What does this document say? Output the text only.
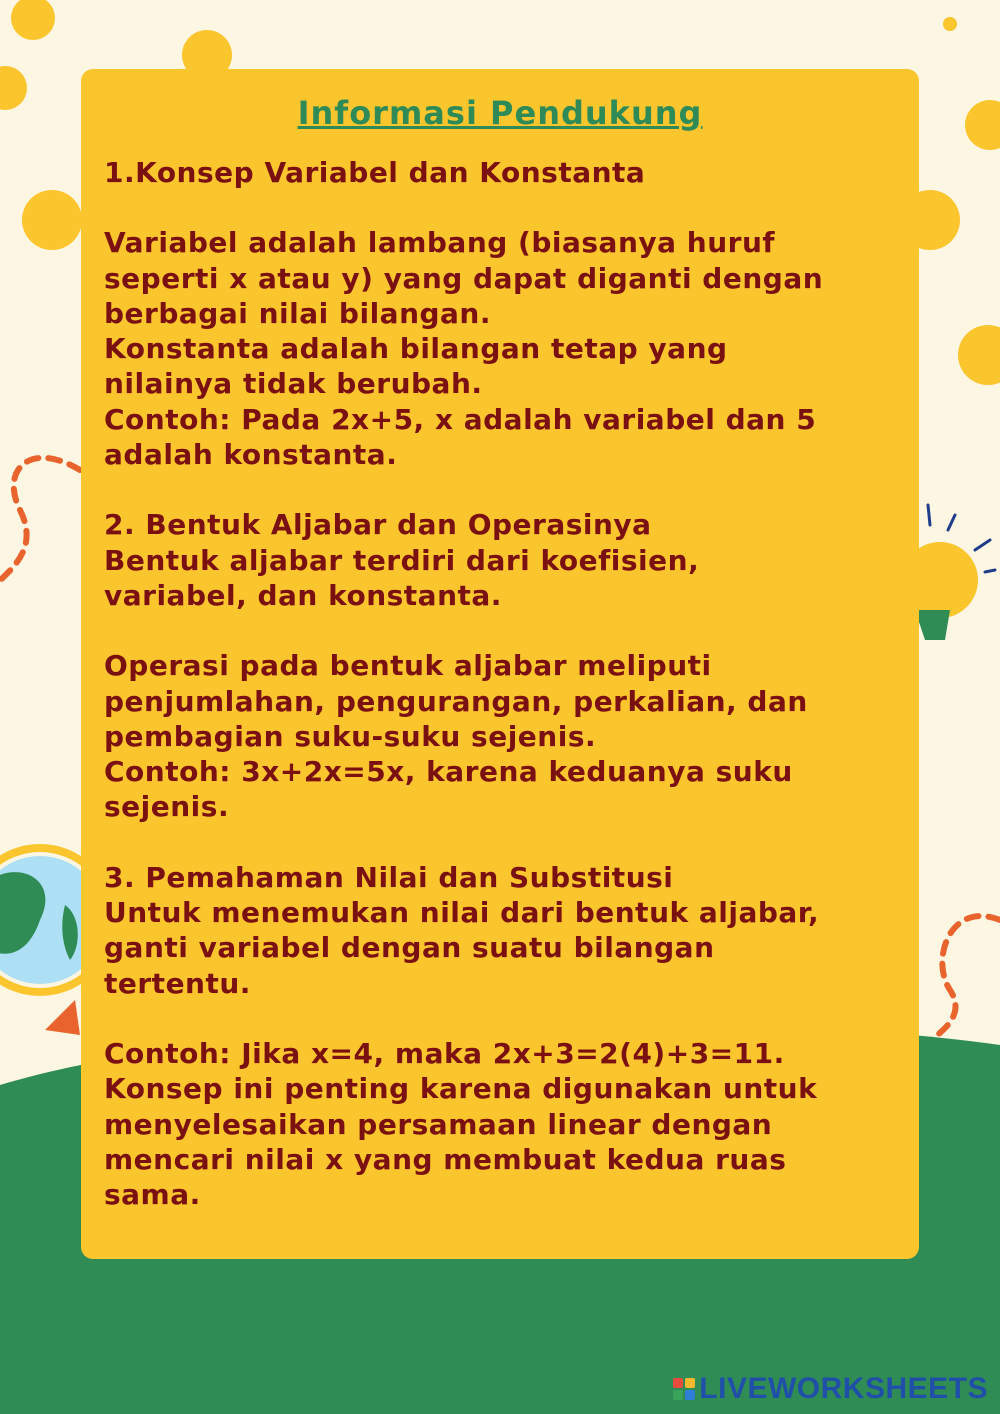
Informasi Pendukung

1.Konsep Variabel dan Konstanta

Variabel adalah lambang (biasanya huruf

seperti x atau y) yang dapat diganti dengan

berbagai nilai bilangan.

Konstanta adalah bilangan tetap yang

nilainya tidak berubah.

Contoh: Pada 2x+5, x adalah variabel dan 5

adalah konstanta.

2. Bentuk Aljabar dan Operasinya

Bentuk aljabar terdiri dari koefisien,

variabel, dan konstanta.

Operasi pada bentuk aljabar meliputi

penjumlahan, pengurangan, perkalian, dan

pembagian suku-suku sejenis.

Contoh: 3x+2x=5x, karena keduanya suku

sejenis.

3. Pemahaman Nilai dan Substitusi

Untuk menemukan nilai dari bentuk aljabar,

ganti variabel dengan suatu bilangan

tertentu.

Contoh: Jika x=4, maka 2x+3=2(4)+3=11.

Konsep ini penting karena digunakan untuk

menyelesaikan persamaan linear dengan

mencari nilai x yang membuat kedua ruas

sama.

LIVEWORKSHEETS
